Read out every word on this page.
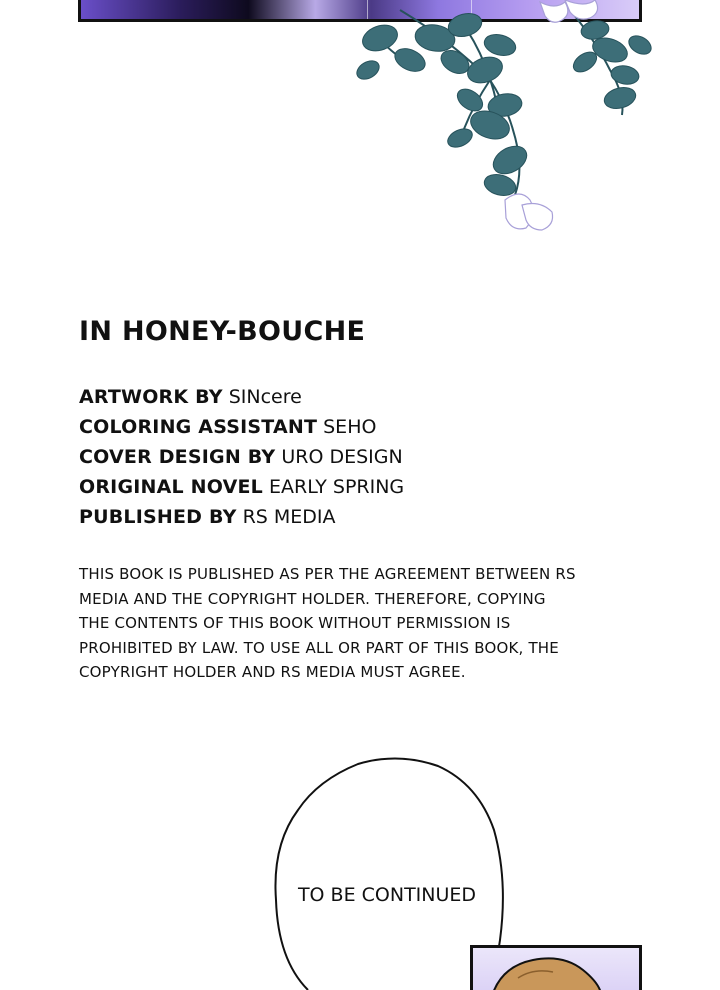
IN HONEY-BOUCHE
ARTWORK BY SINcere
COLORING ASSISTANT SEHO
COVER DESIGN BY URO DESIGN
ORIGINAL NOVEL EARLY SPRING
PUBLISHED BY RS MEDIA
THIS BOOK IS PUBLISHED AS PER THE AGREEMENT BETWEEN RS
MEDIA AND THE COPYRIGHT HOLDER. THEREFORE, COPYING
THE CONTENTS OF THIS BOOK WITHOUT PERMISSION IS
PROHIBITED BY LAW. TO USE ALL OR PART OF THIS BOOK, THE
COPYRIGHT HOLDER AND RS MEDIA MUST AGREE.
TO BE CONTINUED
